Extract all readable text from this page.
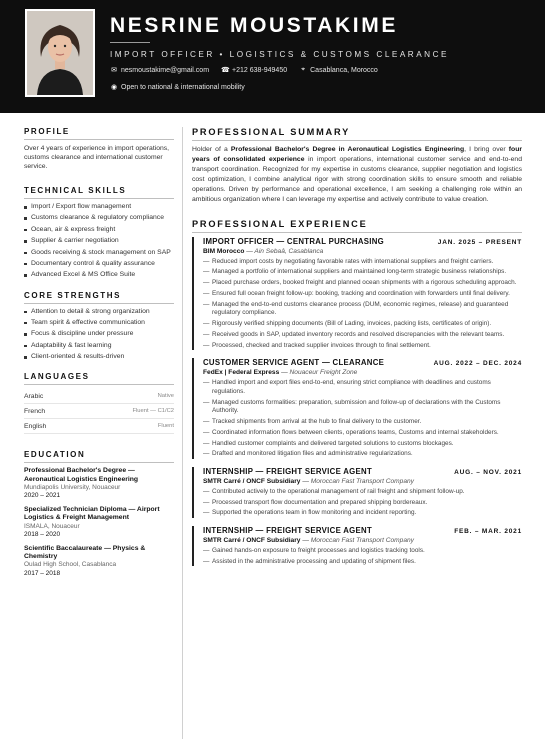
NESRINE MOUSTAKIME
IMPORT OFFICER • LOGISTICS & CUSTOMS CLEARANCE
✉ nesmoustakime@gmail.com ☎ +212 638-949450 ⌖ Casablanca, Morocco
◉ Open to national & international mobility
PROFILE
Over 4 years of experience in import operations, customs clearance and international customer service.
TECHNICAL SKILLS
Import / Export flow management
Customs clearance & regulatory compliance
Ocean, air & express freight
Supplier & carrier negotiation
Goods receiving & stock management on SAP
Documentary control & quality assurance
Advanced Excel & MS Office Suite
CORE STRENGTHS
Attention to detail & strong organization
Team spirit & effective communication
Focus & discipline under pressure
Adaptability & fast learning
Client-oriented & results-driven
LANGUAGES
Arabic	Native
French	Fluent — C1/C2
English	Fluent
EDUCATION
Professional Bachelor's Degree — Aeronautical Logistics Engineering
Mundiapolis University, Nouaceur
2020 – 2021
Specialized Technician Diploma — Airport Logistics & Freight Management
ISMALA, Nouaceur
2018 – 2020
Scientific Baccalaureate — Physics & Chemistry
Oulad High School, Casablanca
2017 – 2018
PROFESSIONAL SUMMARY

Holder of a Professional Bachelor's Degree in Aeronautical Logistics Engineering, I bring over four years of consolidated experience in import operations, international customer service and end-to-end transport coordination. Recognized for my expertise in customs clearance, supplier negotiation and logistics cost optimization, I combine analytical rigor with strong coordination skills to ensure smooth and reliable operations. Driven by performance and operational excellence, I am seeking a challenging role within an ambitious organization where I can leverage my expertise and actively contribute to value creation.

PROFESSIONAL EXPERIENCE
IMPORT OFFICER — CENTRAL PURCHASING	JAN. 2025 – PRESENT
BIM Morocco — Ain Sebaâ, Casablanca
— Reduced import costs by negotiating favorable rates with international suppliers and freight carriers.
— Managed a portfolio of international suppliers and maintained long-term strategic business relationships.
— Placed purchase orders, booked freight and planned ocean shipments with a rigorous scheduling approach.
— Ensured full ocean freight follow-up: booking, tracking and coordination with forwarders until final delivery.
— Managed the end-to-end customs clearance process (DUM, economic regimes, release) and guaranteed regulatory compliance.
— Rigorously verified shipping documents (Bill of Lading, invoices, packing lists, certificates of origin).
— Received goods in SAP, updated inventory records and resolved discrepancies with the relevant teams.
— Processed, checked and tracked supplier invoices through to final settlement.
CUSTOMER SERVICE AGENT — CLEARANCE	AUG. 2022 – DEC. 2024
FedEx | Federal Express — Nouaceur Freight Zone
— Handled import and export files end-to-end, ensuring strict compliance with deadlines and customs regulations.
— Managed customs formalities: preparation, submission and follow-up of declarations with the Customs Authority.
— Tracked shipments from arrival at the hub to final delivery to the customer.
— Coordinated information flows between clients, operations teams, Customs and internal stakeholders.
— Handled customer complaints and delivered targeted solutions to customs blockages.
— Drafted and monitored litigation files and administrative regularizations.
INTERNSHIP — FREIGHT SERVICE AGENT	AUG. – NOV. 2021
SMTR Carré / ONCF Subsidiary — Moroccan Fast Transport Company
— Contributed actively to the operational management of rail freight and shipment follow-up.
— Processed transport flow documentation and prepared shipping bordereaux.
— Supported the operations team in flow monitoring and incident reporting.
INTERNSHIP — FREIGHT SERVICE AGENT	FEB. – MAR. 2021
SMTR Carré / ONCF Subsidiary — Moroccan Fast Transport Company
— Gained hands-on exposure to freight processes and logistics tracking tools.
— Assisted in the administrative processing and updating of shipment files.
